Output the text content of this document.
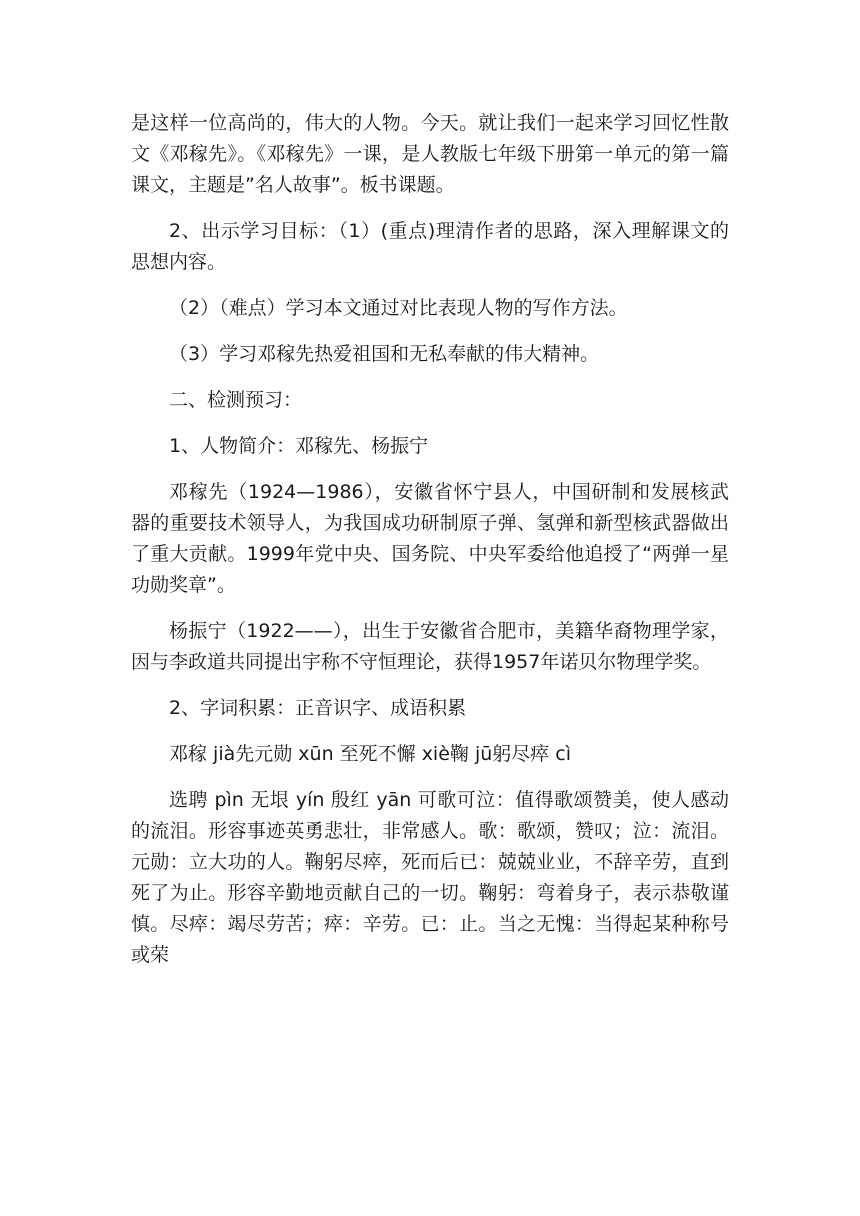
是这样一位高尚的，伟大的人物。今天。就让我们一起来学习回忆性散文《邓稼先》。《邓稼先》一课，是人教版七年级下册第一单元的第一篇课文，主题是”名人故事”。板书课题。

2、出示学习目标：（1）(重点)理清作者的思路，深入理解课文的思想内容。

（2）（难点）学习本文通过对比表现人物的写作方法。

（3）学习邓稼先热爱祖国和无私奉献的伟大精神。

二、检测预习：

1、人物简介：邓稼先、杨振宁

邓稼先（1924—1986），安徽省怀宁县人，中国研制和发展核武器的重要技术领导人，为我国成功研制原子弹、氢弹和新型核武器做出了重大贡献。1999年党中央、国务院、中央军委给他追授了“两弹一星功勋奖章”。

杨振宁（1922——），出生于安徽省合肥市，美籍华裔物理学家，因与李政道共同提出宇称不守恒理论，获得1957年诺贝尔物理学奖。

2、字词积累：正音识字、成语积累

邓稼 jià先元勋 xūn 至死不懈 xiè鞠 jū躬尽瘁 cì

选聘 pìn 无垠 yín 殷红 yān 可歌可泣：值得歌颂赞美，使人感动的流泪。形容事迹英勇悲壮，非常感人。歌：歌颂，赞叹；泣：流泪。 元勋：立大功的人。鞠躬尽瘁，死而后已：兢兢业业，不辞辛劳，直到死了为止。形容辛勤地贡献自己的一切。鞠躬：弯着身子，表示恭敬谨慎。尽瘁：竭尽劳苦；瘁：辛劳。已：止。当之无愧：当得起某种称号或荣
